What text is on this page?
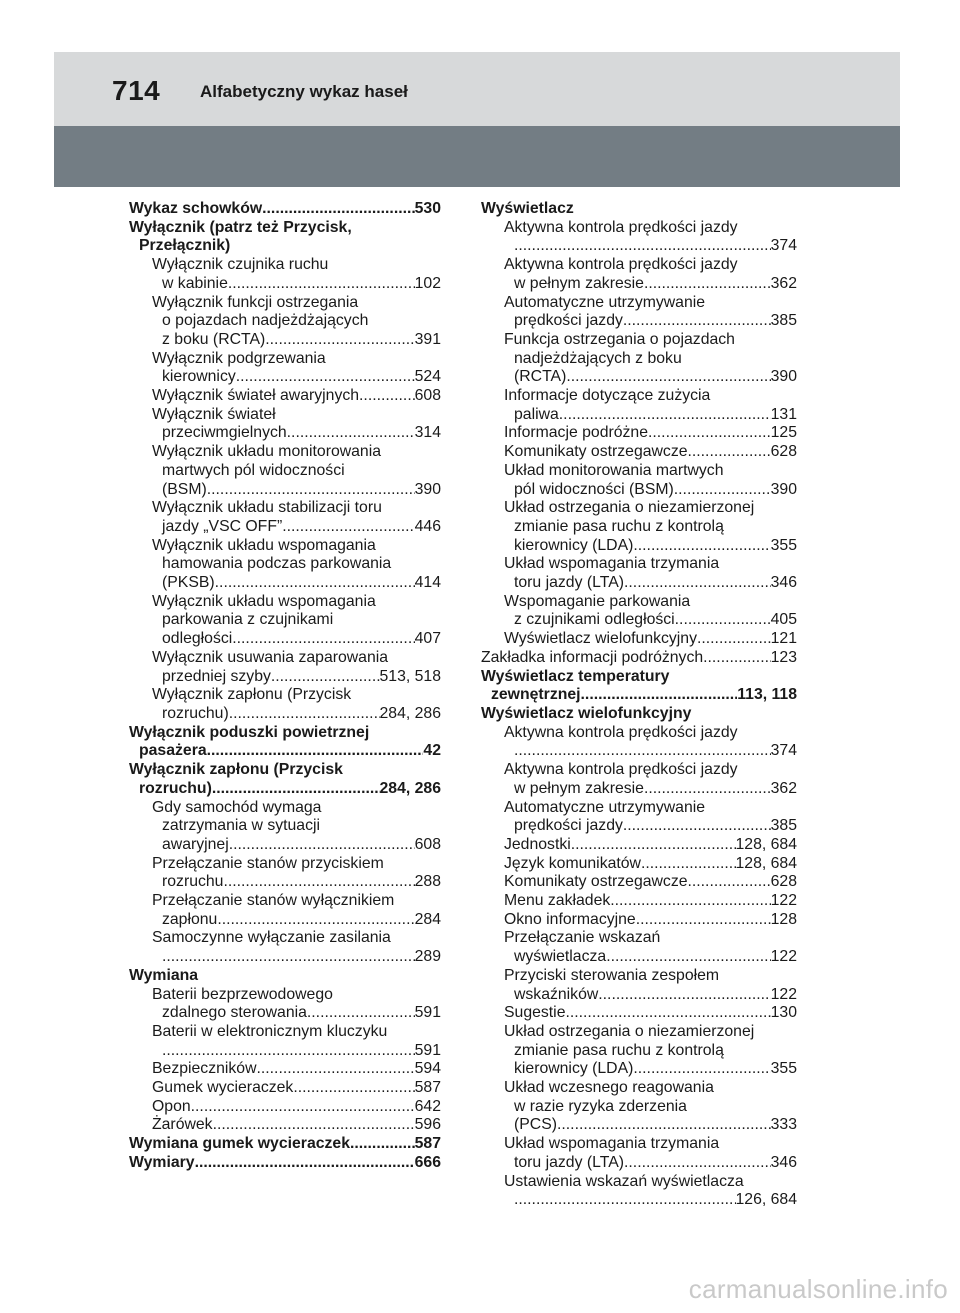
714 Alfabetyczny wykaz haseł
Wykaz schowków .....	530
Wyłącznik (patrz też Przycisk,
Przełącznik)
Wyłącznik czujnika ruchu
w kabinie .....	102
Wyłącznik funkcji ostrzegania
o pojazdach nadjeżdżających
z boku (RCTA) .....	391
Wyłącznik podgrzewania
kierownicy .....	524
Wyłącznik świateł awaryjnych .....	608
Wyłącznik świateł
przeciwmgielnych .....	314
Wyłącznik układu monitorowania
martwych pól widoczności
(BSM) .....	390
Wyłącznik układu stabilizacji toru
jazdy „VSC OFF” .....	446
Wyłącznik układu wspomagania
hamowania podczas parkowania
(PKSB) .....	414
Wyłącznik układu wspomagania
parkowania z czujnikami
odległości .....	407
Wyłącznik usuwania zaparowania
przedniej szyby .....	513, 518
Wyłącznik zapłonu (Przycisk
rozruchu) .....	284, 286
Wyłącznik poduszki powietrznej
pasażera .....	42
Wyłącznik zapłonu (Przycisk
rozruchu) .....	284, 286
Gdy samochód wymaga
zatrzymania w sytuacji
awaryjnej .....	608
Przełączanie stanów przyciskiem
rozruchu .....	288
Przełączanie stanów wyłącznikiem
zapłonu .....	284
Samoczynne wyłączanie zasilania
.....
289
Wymiana
Baterii bezprzewodowego
zdalnego sterowania .....	591
Baterii w elektronicznym kluczyku
.....
591
Bezpieczników .....	594
Gumek wycieraczek .....	587
Opon .....	642
Żarówek .....	596
Wymiana gumek wycieraczek .....	587
Wymiary .....	666
Wyświetlacz
Aktywna kontrola prędkości jazdy
.....
374
Aktywna kontrola prędkości jazdy
w pełnym zakresie .....	362
Automatyczne utrzymywanie
prędkości jazdy .....	385
Funkcja ostrzegania o pojazdach
nadjeżdżających z boku
(RCTA) .....	390
Informacje dotyczące zużycia
paliwa .....	131
Informacje podróżne .....	125
Komunikaty ostrzegawcze .....	628
Układ monitorowania martwych
pól widoczności (BSM) .....	390
Układ ostrzegania o niezamierzonej
zmianie pasa ruchu z kontrolą
kierownicy (LDA) .....	355
Układ wspomagania trzymania
toru jazdy (LTA) .....	346
Wspomaganie parkowania
z czujnikami odległości .....	405
Wyświetlacz wielofunkcyjny .....	121
Zakładka informacji podróżnych .....	123
Wyświetlacz temperatury
zewnętrznej .....	113, 118
Wyświetlacz wielofunkcyjny
Aktywna kontrola prędkości jazdy
.....
374
Aktywna kontrola prędkości jazdy
w pełnym zakresie .....	362
Automatyczne utrzymywanie
prędkości jazdy .....	385
Jednostki .....	128, 684
Język komunikatów .....	128, 684
Komunikaty ostrzegawcze .....	628
Menu zakładek .....	122
Okno informacyjne .....	128
Przełączanie wskazań
wyświetlacza .....	122
Przyciski sterowania zespołem
wskaźników .....	122
Sugestie .....	130
Układ ostrzegania o niezamierzonej
zmianie pasa ruchu z kontrolą
kierownicy (LDA) .....	355
Układ wczesnego reagowania
w razie ryzyka zderzenia
(PCS) .....	333
Układ wspomagania trzymania
toru jazdy (LTA) .....	346
Ustawienia wskazań wyświetlacza
.....
126, 684
carmanualsonline.info
